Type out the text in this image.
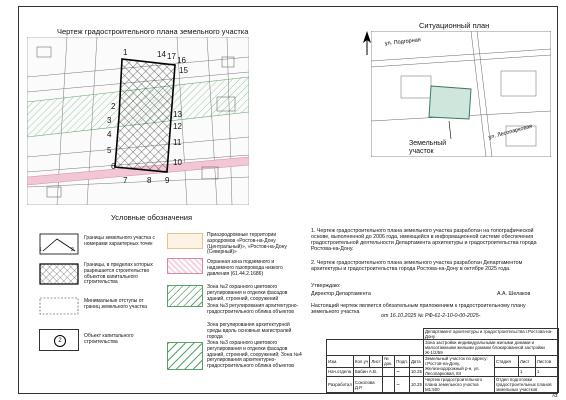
Чертеж градостроительного плана земельного участка
14 17 16
15
2
3
4
5
6
7 8 9
10
11
12
13
1
Ситуационный план
ул. Подгорная
ул. Лесопарковая
Земельный участок
Условные обозначения
1	2
Границы земельного участка с номерами характерных точек
Границы, в пределах которых разрешается строительство объектов капитального строительства
Минимальные отступы от границ земельного участка
2
Объект капитального строительства
Приаэродромные территории аэродромов «Ростов-на-Дону (Центральный)», «Ростов-на-Дону (Северный)»
Охранная зона подземного и надземного газопровода низкого давления (61.44.2.1686)
Зона №2 охранного цветового регулирования и отделки фасадов зданий, строений, сооружений
Зона №3 регулирования архитектурно-градостроительного облика объектов
Зона регулирования архитектурной среды вдоль основных магистралей города
Зона №3 охранного цветового регулирования и отделки фасадов зданий, строений, сооружений; Зона №4 регулирования архитектурно-градостроительного облика объектов
1. Чертеж градостроительного плана земельного участка разработан на топографической основе, выполненной до 2006 года, имеющейся в информационной системе обеспечения градостроительной деятельности Департамента архитектуры и градостроительства города Ростова-на-Дону.
2. Чертеж градостроительного плана земельного участка разработан Департаментом архитектуры и градостроительства города Ростова-на-Дону в октябре 2025 года.
Утверждаю:
Директор Департамента	А.А. Шелаков
Настоящий чертеж является обязательным приложением к градостроительному плану земельного участка
от 16.10.2025 № РФ-61-2-10-0-00-2025-
						Департамент архитектуры и градостроительства г.Ростова-на-Дону			
						Зона застройки индивидуальными жилыми домами и малоэтажными жилыми домами блокированной застройки Ж-1/2/59			
Изм.	Кол.уч	Лист	№ док.	Подп.	Дата	Земельный участок по адресу: г.Ростов-на-Дону, Железнодорожный р-н, ул. Лесопарковая, 84	Стадия	Лист	Листов
Нач.отдела	Бабин А.В.			~	10.25			1	1
Разработал	Соколова Д.Р.			~	10.25	Чертеж градостроительного плана земельного участка М1:500	Отдел подготовки градостроительных планов земельных участков		
									А3
